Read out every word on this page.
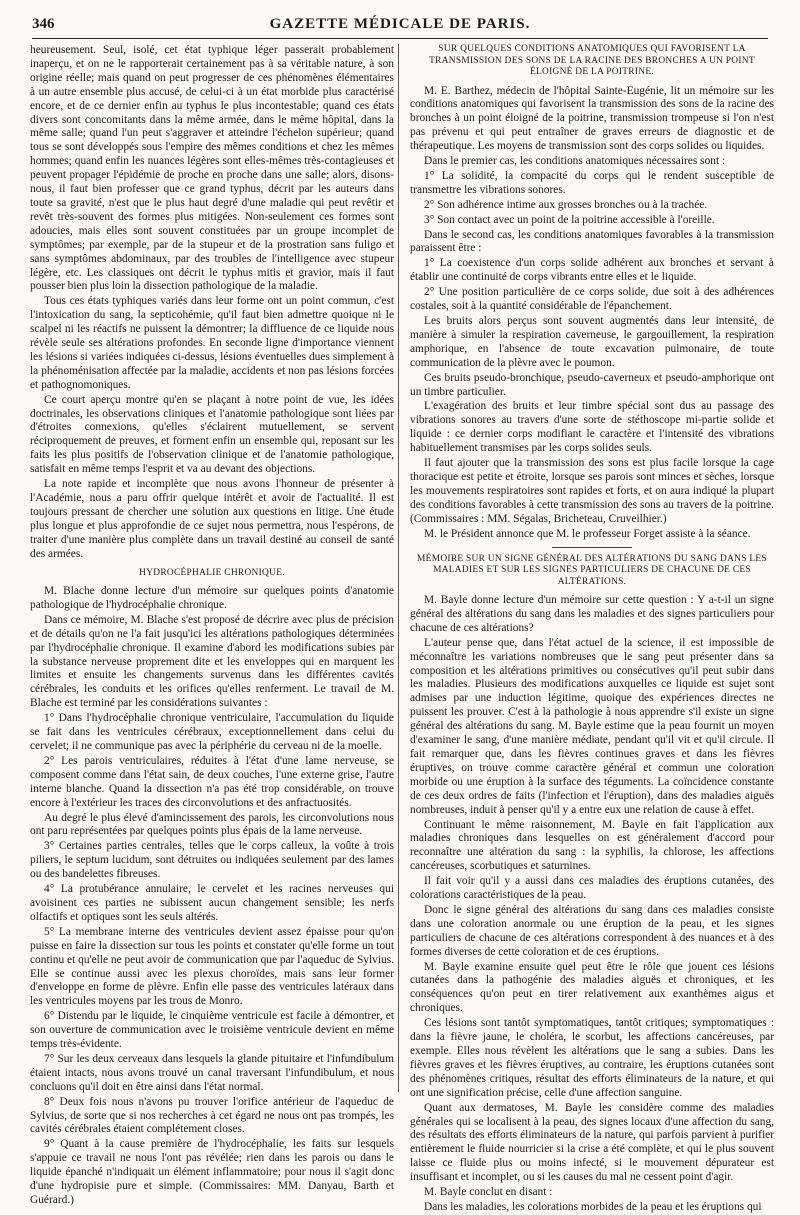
346	GAZETTE MÉDICALE DE PARIS.

heureusement. Seul, isolé, cet état typhique léger passerait probablement inaperçu, et on ne le rapporterait certainement pas à sa véritable nature, à son origine réelle; mais quand on peut progresser de ces phénomènes élémentaires à un autre ensemble plus accusé, de celui-ci à un état morbide plus caractérisé encore, et de ce dernier enfin au typhus le plus incontestable; quand ces états divers sont concomitants dans la même armée, dans le même hôpital, dans la même salle; quand l'un peut s'aggraver et atteindre l'échelon supérieur; quand tous se sont développés sous l'empire des mêmes conditions et chez les mêmes hommes; quand enfin les nuances légères sont elles-mêmes très-contagieuses et peuvent propager l'épidémie de proche en proche dans une salle; alors, disons-nous, il faut bien professer que ce grand typhus, décrit par les auteurs dans toute sa gravité, n'est que le plus haut degré d'une maladie qui peut revêtir et revêt très-souvent des formes plus mitigées. Non-seulement ces formes sont adoucies, mais elles sont souvent constituées par un groupe incomplet de symptômes; par exemple, par de la stupeur et de la prostration sans fuligo et sans symptômes abdominaux, par des troubles de l'intelligence avec stupeur légère, etc. Les classiques ont décrit le typhus mitis et gravior, mais il faut pousser bien plus loin la dissection pathologique de la maladie.

Tous ces états typhiques variés dans leur forme ont un point commun, c'est l'intoxication du sang, la septicohémie, qu'il faut bien admettre quoique ni le scalpel ni les réactifs ne puissent la démontrer; la diffluence de ce liquide nous révèle seule ses altérations profondes. En seconde ligne d'importance viennent les lésions si variées indiquées ci-dessus, lésions éventuelles dues simplement à la phénoménisation affectée par la maladie, accidents et non pas lésions forcées et pathognomoniques.

Ce court aperçu montre qu'en se plaçant à notre point de vue, les idées doctrinales, les observations cliniques et l'anatomie pathologique sont liées par d'étroites connexions, qu'elles s'éclairent mutuellement, se servent réciproquement de preuves, et forment enfin un ensemble qui, reposant sur les faits les plus positifs de l'observation clinique et de l'anatomie pathologique, satisfait en même temps l'esprit et va au devant des objections.

La note rapide et incomplète que nous avons l'honneur de présenter à l'Académie, nous a paru offrir quelque intérêt et avoir de l'actualité. Il est toujours pressant de chercher une solution aux questions en litige. Une étude plus longue et plus approfondie de ce sujet nous permettra, nous l'espérons, de traiter d'une manière plus complète dans un travail destiné au conseil de santé des armées.

HYDROCÉPHALIE CHRONIQUE.

M. Blache donne lecture d'un mémoire sur quelques points d'anatomie pathologique de l'hydrocéphalie chronique.

Dans ce mémoire, M. Blache s'est proposé de décrire avec plus de précision et de détails qu'on ne l'a fait jusqu'ici les altérations pathologiques déterminées par l'hydrocéphalie chronique. Il examine d'abord les modifications subies par la substance nerveuse proprement dite et les enveloppes qui en marquent les limites et ensuite les changements survenus dans les différentes cavités cérébrales, les conduits et les orifices qu'elles renferment. Le travail de M. Blache est terminé par les considérations suivantes :

1° Dans l'hydrocéphalie chronique ventriculaire, l'accumulation du liquide se fait dans les ventricules cérébraux, exceptionnellement dans celui du cervelet; il ne communique pas avec la périphérie du cerveau ni de la moelle.

2° Les parois ventriculaires, réduites à l'état d'une lame nerveuse, se composent comme dans l'état sain, de deux couches, l'une externe grise, l'autre interne blanche. Quand la dissection n'a pas été trop considérable, on trouve encore à l'extérieur les traces des circonvolutions et des anfractuosités.

Au degré le plus élevé d'amincissement des parois, les circonvolutions nous ont paru représentées par quelques points plus épais de la lame nerveuse.

3° Certaines parties centrales, telles que le corps calleux, la voûte à trois piliers, le septum lucidum, sont détruites ou indiquées seulement par des lames ou des bandelettes fibreuses.

4° La protubérance annulaire, le cervelet et les racines nerveuses qui avoisinent ces parties ne subissent aucun changement sensible; les nerfs olfactifs et optiques sont les seuls altérés.

5° La membrane interne des ventricules devient assez épaisse pour qu'on puisse en faire la dissection sur tous les points et constater qu'elle forme un tout continu et qu'elle ne peut avoir de communication que par l'aqueduc de Sylvius. Elle se continue aussi avec les plexus choroïdes, mais sans leur former d'enveloppe en forme de plèvre. Enfin elle passe des ventricules latéraux dans les ventricules moyens par les trous de Monro.

6° Distendu par le liquide, le cinquième ventricule est facile à démontrer, et son ouverture de communication avec le troisième ventricule devient en même temps très-évidente.

7° Sur les deux cerveaux dans lesquels la glande pituitaire et l'infundibulum étaient intacts, nous avons trouvé un canal traversant l'infundibulum, et nous concluons qu'il doit en être ainsi dans l'état normal.

8° Deux fois nous n'avons pu trouver l'orifice antérieur de l'aqueduc de Sylvius, de sorte que si nos recherches à cet égard ne nous ont pas trompés, les cavités cérébrales étaient complétement closes.

9° Quant à la cause première de l'hydrocéphalie, les faits sur lesquels s'appuie ce travail ne nous l'ont pas révélée; rien dans les parois ou dans le liquide épanché n'indiquait un élément inflammatoire; pour nous il s'agit donc d'une hydropisie pure et simple. (Commissaires: MM. Danyau, Barth et Guérard.)

SUR QUELQUES CONDITIONS ANATOMIQUES QUI FAVORISENT LA TRANSMISSION DES SONS DE LA RACINE DES BRONCHES A UN POINT ÉLOIGNÉ DE LA POITRINE.

M. E. Barthez, médecin de l'hôpital Sainte-Eugénie, lit un mémoire sur les conditions anatomiques qui favorisent la transmission des sons de la racine des bronches à un point éloigné de la poitrine, transmission trompeuse si l'on n'est pas prévenu et qui peut entraîner de graves erreurs de diagnostic et de thérapeutique. Les moyens de transmission sont des corps solides ou liquides.

Dans le premier cas, les conditions anatomiques nécessaires sont :

1° La solidité, la compacité du corps qui le rendent susceptible de transmettre les vibrations sonores.

2° Son adhérence intime aux grosses bronches ou à la trachée.

3° Son contact avec un point de la poitrine accessible à l'oreille.

Dans le second cas, les conditions anatomiques favorables à la transmission paraissent être :

1° La coexistence d'un corps solide adhérent aux bronches et servant à établir une continuité de corps vibrants entre elles et le liquide.

2° Une position particulière de ce corps solide, due soit à des adhérences costales, soit à la quantité considérable de l'épanchement.

Les bruits alors perçus sont souvent augmentés dans leur intensité, de manière à simuler la respiration caverneuse, le gargouillement, la respiration amphorique, en l'absence de toute excavation pulmonaire, de toute communication de la plèvre avec le poumon.

Ces bruits pseudo-bronchique, pseudo-caverneux et pseudo-amphorique ont un timbre particulier.

L'exagération des bruits et leur timbre spécial sont dus au passage des vibrations sonores au travers d'une sorte de stéthoscope mi-partie solide et liquide : ce dernier corps modifiant le caractère et l'intensité des vibrations habituellement transmises par les corps solides seuls.

Il faut ajouter que la transmission des sons est plus facile lorsque la cage thoracique est petite et étroite, lorsque ses parois sont minces et sèches, lorsque les mouvements respiratoires sont rapides et forts, et on aura indiqué la plupart des conditions favorables à cette transmission des sons au travers de la poitrine. (Commissaires : MM. Ségalas, Bricheteau, Cruveilhier.)

M. le Président annonce que M. le professeur Forget assiste à la séance.

MÉMOIRE SUR UN SIGNE GÉNÉRAL DES ALTÉRATIONS DU SANG DANS LES MALADIES ET SUR LES SIGNES PARTICULIERS DE CHACUNE DE CES ALTÉRATIONS.

M. Bayle donne lecture d'un mémoire sur cette question : Y a-t-il un signe général des altérations du sang dans les maladies et des signes particuliers pour chacune de ces altérations?

L'auteur pense que, dans l'état actuel de la science, il est impossible de méconnaître les variations nombreuses que le sang peut présenter dans sa composition et les altérations primitives ou consécutives qu'il peut subir dans les maladies. Plusieurs des modifications auxquelles ce liquide est sujet sont admises par une induction légitime, quoique des expériences directes ne puissent les prouver. C'est à la pathologie à nous apprendre s'il existe un signe général des altérations du sang. M. Bayle estime que la peau fournit un moyen d'examiner le sang, d'une manière médiate, pendant qu'il vit et qu'il circule. Il fait remarquer que, dans les fièvres continues graves et dans les fièvres éruptives, on trouve comme caractère général et commun une coloration morbide ou une éruption à la surface des téguments. La coïncidence constante de ces deux ordres de faits (l'infection et l'éruption), dans des maladies aiguës nombreuses, induit à penser qu'il y a entre eux une relation de cause à effet.

Continuant le même raisonnement, M. Bayle en fait l'application aux maladies chroniques dans lesquelles on est généralement d'accord pour reconnaître une altération du sang : la syphilis, la chlorose, les affections cancéreuses, scorbutiques et saturnines.

Il fait voir qu'il y a aussi dans ces maladies des éruptions cutanées, des colorations caractéristiques de la peau.

Donc le signe général des altérations du sang dans ces maladies consiste dans une coloration anormale ou une éruption de la peau, et les signes particuliers de chacune de ces altérations correspondent à des nuances et à des formes diverses de cette coloration et de ces éruptions.

M. Bayle examine ensuite quel peut être le rôle que jouent ces lésions cutanées dans la pathogénie des maladies aiguës et chroniques, et les conséquences qu'on peut en tirer relativement aux exanthèmes aigus et chroniques.

Ces lésions sont tantôt symptomatiques, tantôt critiques; symptomatiques : dans la fièvre jaune, le choléra, le scorbut, les affections cancéreuses, par exemple. Elles nous révèlent les altérations que le sang a subies. Dans les fièvres graves et les fièvres éruptives, au contraire, les éruptions cutanées sont des phénomènes critiques, résultat des efforts éliminateurs de la nature, et qui ont une signification précise, celle d'une affection sanguine.

Quant aux dermatoses, M. Bayle les considère comme des maladies générales qui se localisent à la peau, des signes locaux d'une affection du sang, des résultats des efforts éliminateurs de la nature, qui parfois parvient à purifier entièrement le fluide nourricier si la crise a été complète, et qui le plus souvent laisse ce fluide plus ou moins infecté, si le mouvement dépurateur est insuffisant et incomplet, ou si les causes du mal ne cessent point d'agir.

M. Bayle conclut en disant :

Dans les maladies, les colorations morbides de la peau et les éruptions qui
